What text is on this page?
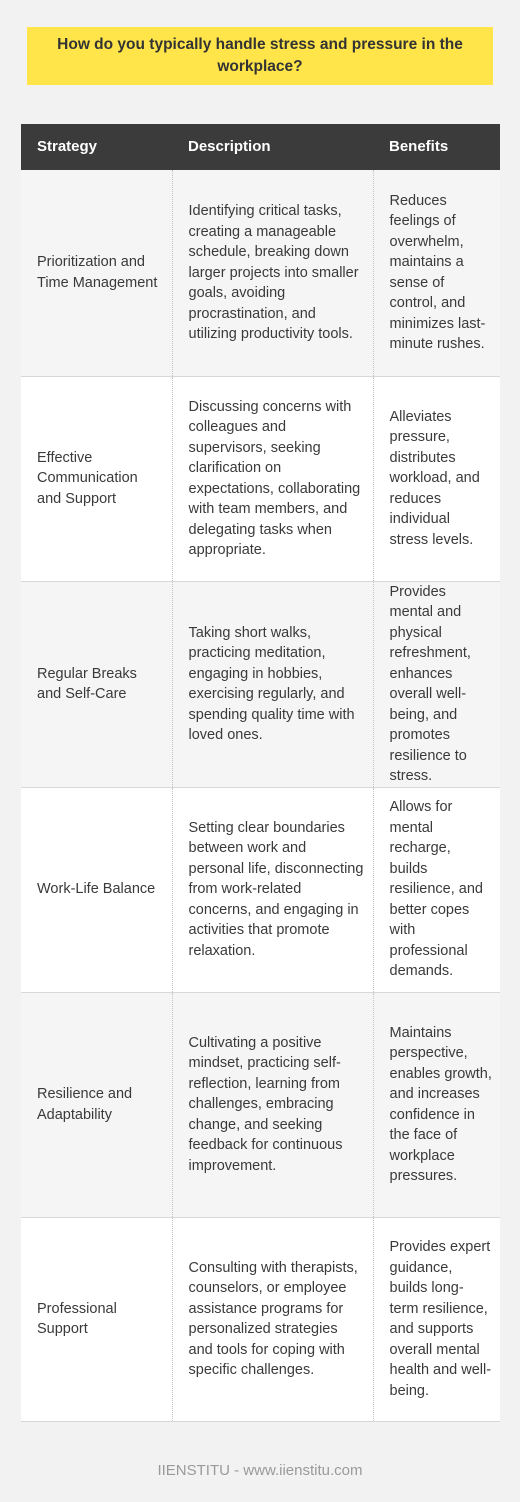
How do you typically handle stress and pressure in the workplace?
Strategy	Description	Benefits
Prioritization and Time Management	Identifying critical tasks, creating a manageable schedule, breaking down larger projects into smaller goals, avoiding procrastination, and utilizing productivity tools.	Reduces feelings of overwhelm, maintains a sense of control, and minimizes last-minute rushes.
Effective Communication and Support	Discussing concerns with colleagues and supervisors, seeking clarification on expectations, collaborating with team members, and delegating tasks when appropriate.	Alleviates pressure, distributes workload, and reduces individual stress levels.
Regular Breaks and Self-Care	Taking short walks, practicing meditation, engaging in hobbies, exercising regularly, and spending quality time with loved ones.	Provides mental and physical refreshment, enhances overall well-being, and promotes resilience to stress.
Work-Life Balance	Setting clear boundaries between work and personal life, disconnecting from work-related concerns, and engaging in activities that promote relaxation.	Allows for mental recharge, builds resilience, and better copes with professional demands.
Resilience and Adaptability	Cultivating a positive mindset, practicing self-reflection, learning from challenges, embracing change, and seeking feedback for continuous improvement.	Maintains perspective, enables growth, and increases confidence in the face of workplace pressures.
Professional Support	Consulting with therapists, counselors, or employee assistance programs for personalized strategies and tools for coping with specific challenges.	Provides expert guidance, builds long-term resilience, and supports overall mental health and well-being.
IIENSTITU - www.iienstitu.com
